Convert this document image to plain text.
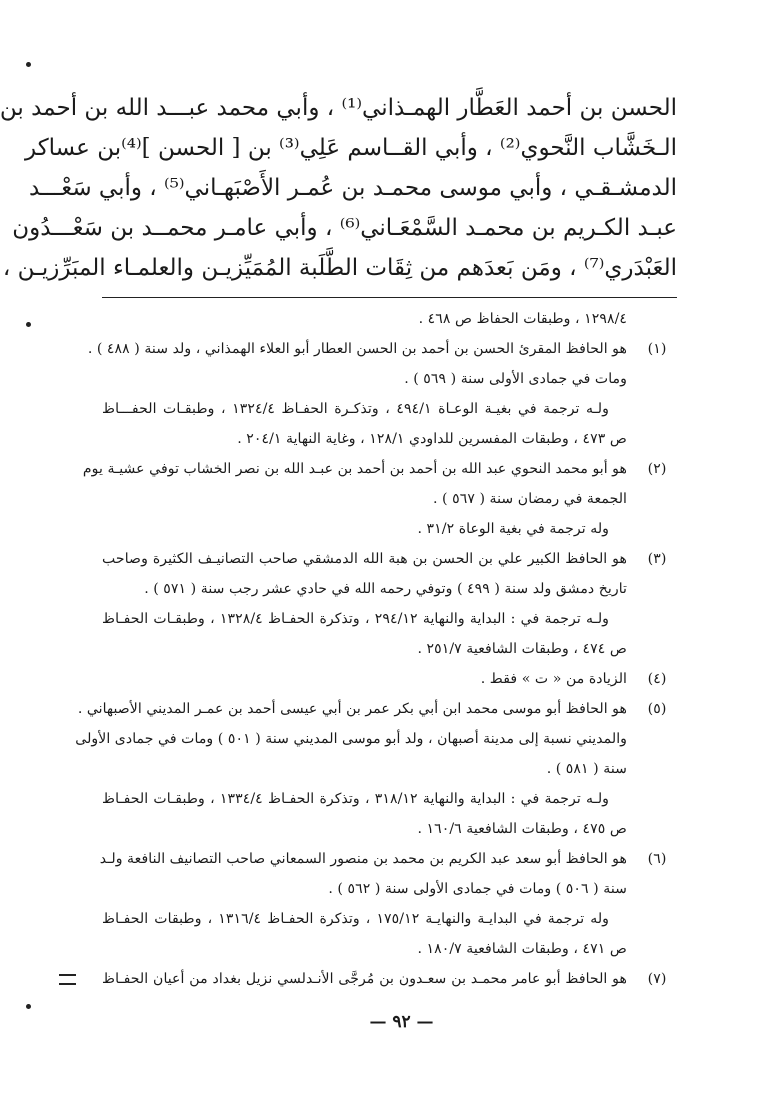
الحسن بن أحمد العَطَّار الهمـذاني⁽¹⁾ ، وأبي محمد عبـــد الله بن أحمد بن
الـخَشَّاب النَّحوي⁽²⁾ ، وأبي القــاسم عَلِي⁽³⁾ بن [ الحسن ]⁽⁴⁾بن عساكر
الدمشـقـي ، وأبي موسى محمـد بن عُمـر الأَصْبَهـاني⁽⁵⁾ ، وأبي سَعْـــد
عبـد الكـريم بن محمـد السَّمْعَـاني⁽⁶⁾ ، وأبي عامـر محمــد بن سَعْـــدُون
العَبْدَري⁽⁷⁾ ، ومَن بَعدَهم من ثِقَات الطَّلَبة المُمَيِّزيـن والعلمـاء المبَرِّزيـن ،
١٢٩٨/٤ ، وطبقات الحفاظ ص ٤٦٨ .
(١)
هو الحافظ المقرئ الحسن بن أحمد بن الحسن العطار أبو العلاء الهمذاني ، ولد سنة ( ٤٨٨ ) .
ومات في جمادى الأولى سنة ( ٥٦٩ ) .
ولـه ترجمة في بغيـة الوعـاة ٤٩٤/١ ، وتذكـرة الحفـاظ ١٣٢٤/٤ ، وطبقـات الحفـــاظ
ص ٤٧٣ ، وطبقات المفسرين للداودي ١٢٨/١ ، وغاية النهاية ٢٠٤/١ .
(٢)
هو أبو محمد النحوي عبد الله بن أحمد بن أحمد بن عبـد الله بن نصر الخشاب توفي عشيـة يوم
الجمعة في رمضان سنة ( ٥٦٧ ) .
وله ترجمة في بغية الوعاة ٣١/٢ .
(٣)
هو الحافظ الكبير علي بن الحسن بن هبة الله الدمشقي صاحب التصانيـف الكثيرة وصاحب
تاريخ دمشق ولد سنة ( ٤٩٩ ) وتوفي رحمه الله في حادي عشر رجب سنة ( ٥٧١ ) .
ولـه ترجمة في : البداية والنهاية ٢٩٤/١٢ ، وتذكرة الحفـاظ ١٣٢٨/٤ ، وطبقـات الحفـاظ
ص ٤٧٤ ، وطبقات الشافعية ٢٥١/٧ .
(٤)
الزيادة من « ت » فقط .
(٥)
هو الحافظ أبو موسى محمد ابن أبي بكر عمر بن أبي عيسى أحمد بن عمـر المديني الأصبهاني .
والمديني نسبة إلى مدينة أصبهان ، ولد أبو موسى المديني سنة ( ٥٠١ ) ومات في جمادى الأولى
سنة ( ٥٨١ ) .
ولـه ترجمة في : البداية والنهاية ٣١٨/١٢ ، وتذكرة الحفـاظ ١٣٣٤/٤ ، وطبقـات الحفـاظ
ص ٤٧٥ ، وطبقات الشافعية ١٦٠/٦ .
(٦)
هو الحافظ أبو سعد عبد الكريم بن محمد بن منصور السمعاني صاحب التصانيف النافعة ولـد
سنة ( ٥٠٦ ) ومات في جمادى الأولى سنة ( ٥٦٢ ) .
وله ترجمة في البدايـة والنهايـة ١٧٥/١٢ ، وتذكرة الحفـاظ ١٣١٦/٤ ، وطبقات الحفـاظ
ص ٤٧١ ، وطبقات الشافعية ١٨٠/٧ .
(٧)
هو الحافظ أبو عامر محمـد بن سعـدون بن مُرجَّى الأنـدلسي نزيل بغداد من أعيان الحفـاظ
— ٩٢ —
